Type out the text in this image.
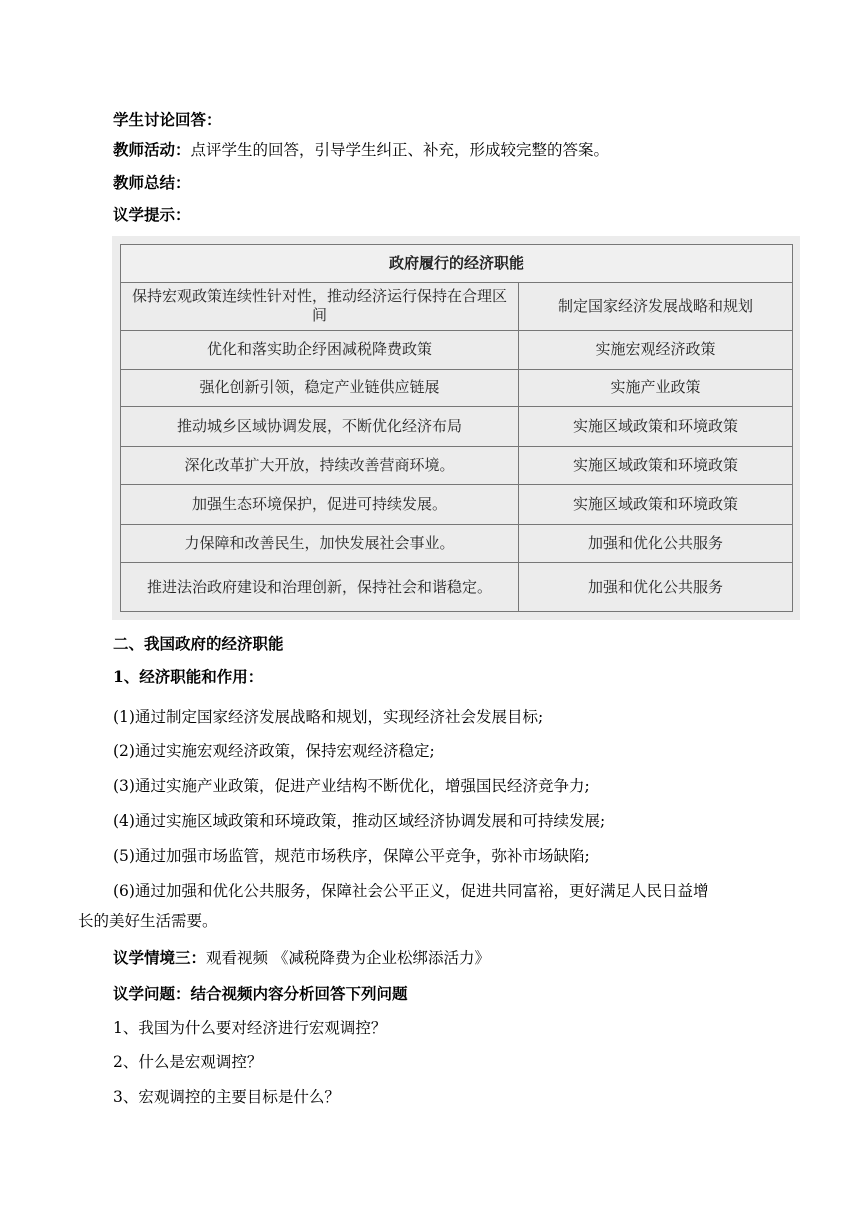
学生讨论回答：
教师活动：点评学生的回答，引导学生纠正、补充，形成较完整的答案。
教师总结：
议学提示：
政府履行的经济职能	
保持宏观政策连续性针对性，推动经济运行保持在合理区间	制定国家经济发展战略和规划
优化和落实助企纾困减税降费政策	实施宏观经济政策
强化创新引领，稳定产业链供应链展	实施产业政策
推动城乡区域协调发展，不断优化经济布局	实施区域政策和环境政策
深化改革扩大开放，持续改善营商环境。	实施区域政策和环境政策
加强生态环境保护，促进可持续发展。	实施区域政策和环境政策
力保障和改善民生，加快发展社会事业。	加强和优化公共服务
推进法治政府建设和治理创新，保持社会和谐稳定。	加强和优化公共服务
二、我国政府的经济职能
1、经济职能和作用：
(1)通过制定国家经济发展战略和规划，实现经济社会发展目标;
(2)通过实施宏观经济政策，保持宏观经济稳定;
(3)通过实施产业政策，促进产业结构不断优化，增强国民经济竞争力;
(4)通过实施区域政策和环境政策，推动区域经济协调发展和可持续发展;
(5)通过加强市场监管，规范市场秩序，保障公平竞争，弥补市场缺陷;
(6)通过加强和优化公共服务，保障社会公平正义，促进共同富裕，更好满足人民日益增
长的美好生活需要。
议学情境三：观看视频 《减税降费为企业松绑添活力》
议学问题：结合视频内容分析回答下列问题
1、我国为什么要对经济进行宏观调控？
2、什么是宏观调控？
3、宏观调控的主要目标是什么？
